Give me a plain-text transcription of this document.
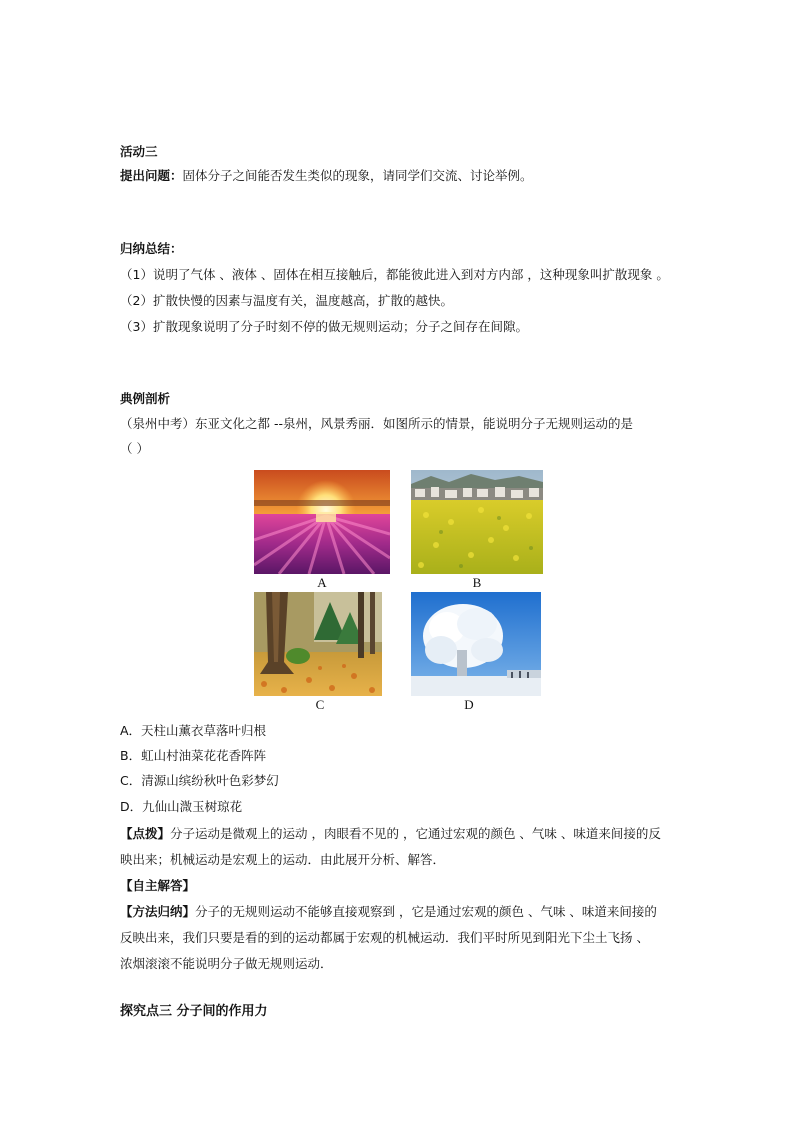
活动三
提出问题：固体分子之间能否发生类似的现象，请同学们交流、讨论举例。
归纳总结：
（1）说明了气体 、液体 、固体在相互接触后，都能彼此进入到对方内部 ，这种现象叫扩散现象 。
（2）扩散快慢的因素与温度有关，温度越高，扩散的越快。
（3）扩散现象说明了分子时刻不停的做无规则运动；分子之间存在间隙。
典例剖析
（泉州中考）东亚文化之都 --泉州，风景秀丽．如图所示的情景，能说明分子无规则运动的是
（ ）
A	B
C	D
A．天柱山薰衣草落叶归根
B．虹山村油菜花花香阵阵
C．清源山缤纷秋叶色彩梦幻
D．九仙山溦玉树琼花
【点拨】分子运动是微观上的运动 ，肉眼看不见的 ，它通过宏观的颜色 、气味 、味道来间接的反
映出来；机械运动是宏观上的运动．由此展开分析、解答．
【自主解答】
【方法归纳】分子的无规则运动不能够直接观察到 ，它是通过宏观的颜色 、气味 、味道来间接的
反映出来，我们只要是看的到的运动都属于宏观的机械运动．我们平时所见到阳光下尘土飞扬 、
浓烟滚滚不能说明分子做无规则运动．
探究点三 分子间的作用力
